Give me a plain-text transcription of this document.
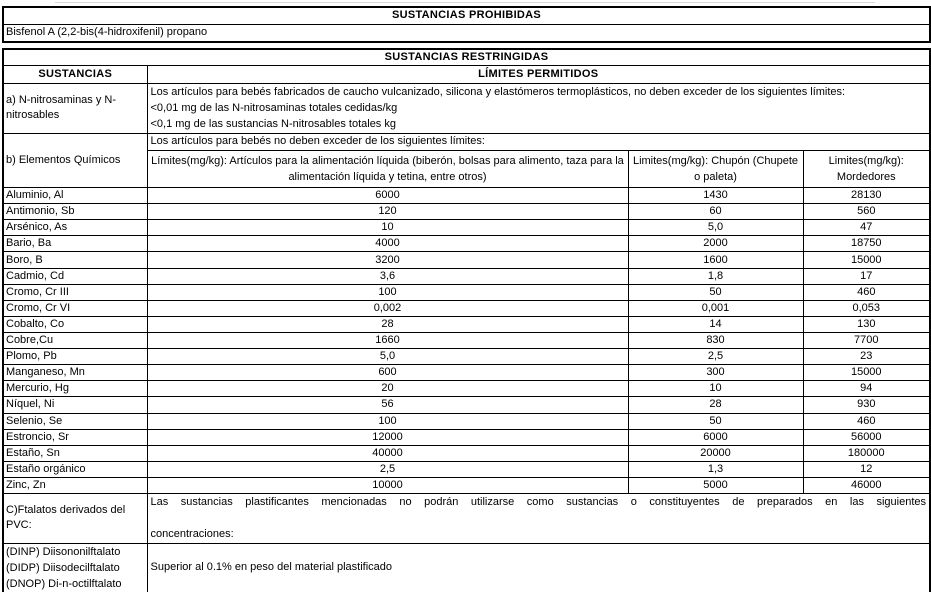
SUSTANCIAS PROHIBIDAS
Bisfenol A (2,2-bis(4-hidroxifenil) propano
SUSTANCIAS RESTRINGIDAS			
SUSTANCIAS	LÍMITES PERMITIDOS		
a) N-nitrosaminas y N-nitrosables	Los artículos para bebés fabricados de caucho vulcanizado, silicona y elastómeros termoplásticos, no deben exceder de los siguientes límites:
<0,01 mg de las N-nitrosaminas totales cedidas/kg
<0,1 mg de las sustancias N-nitrosables totales kg		

b) Elementos Químicos	Los artículos para bebés no deben exceder de los siguientes límites:		
	Límites(mg/kg): Artículos para la alimentación líquida (biberón, bolsas para alimento, taza para la alimentación líquida y tetina, entre otros)	Limites(mg/kg): Chupón (Chupete o paleta)	Limites(mg/kg): Mordedores
Aluminio, Al	6000	1430	28130
Antimonio, Sb	120	60	560
Arsénico, As	10	5,0	47
Bario, Ba	4000	2000	18750
Boro, B	3200	1600	15000
Cadmio, Cd	3,6	1,8	17
Cromo, Cr III	100	50	460
Cromo, Cr VI	0,002	0,001	0,053
Cobalto, Co	28	14	130
Cobre,Cu	1660	830	7700
Plomo, Pb	5,0	2,5	23
Manganeso, Mn	600	300	15000
Mercurio, Hg	20	10	94
Níquel, Ni	56	28	930
Selenio, Se	100	50	460
Estroncio, Sr	12000	6000	56000
Estaño, Sn	40000	20000	180000
Estaño orgánico	2,5	1,3	12
Zinc, Zn	10000	5000	46000
C)Ftalatos derivados del PVC:	Las sustancias plastificantes mencionadas no podrán utilizarse como sustancias o constituyentes de preparados en las siguientes
concentraciones:		

(DINP) Diisononilftalato
(DIDP) Diisodecilftalato
(DNOP) Di-n-octilftalato	Superior al 0.1% en peso del material plastificado		
